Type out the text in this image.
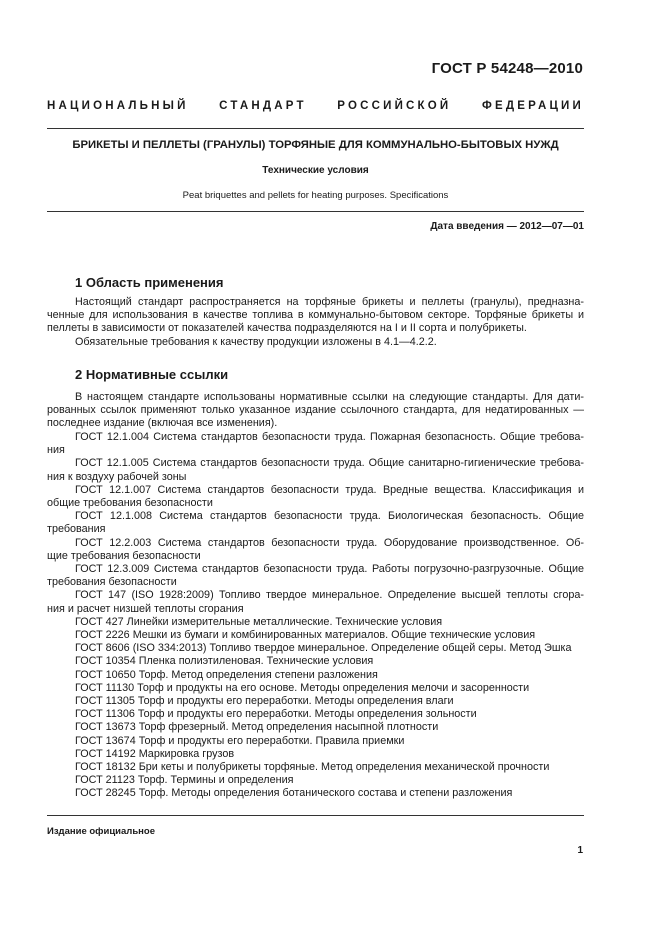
ГОСТ Р 54248—2010
НАЦИОНАЛЬНЫЙ СТАНДАРТ РОССИЙСКОЙ ФЕДЕРАЦИИ
БРИКЕТЫ И ПЕЛЛЕТЫ (ГРАНУЛЫ) ТОРФЯНЫЕ ДЛЯ КОММУНАЛЬНО-БЫТОВЫХ НУЖД
Технические условия
Peat briquettes and pellets for heating purposes. Specifications
Дата введения — 2012—07—01
1 Область применения
Настоящий стандарт распространяется на торфяные брикеты и пеллеты (гранулы), предназна-
ченные для использования в качестве топлива в коммунально-бытовом секторе. Торфяные брикеты и
пеллеты в зависимости от показателей качества подразделяются на I и II сорта и полубрикеты.
Обязательные требования к качеству продукции изложены в 4.1—4.2.2.
2 Нормативные ссылки
В настоящем стандарте использованы нормативные ссылки на следующие стандарты. Для дати-
рованных ссылок применяют только указанное издание ссылочного стандарта, для недатированных —
последнее издание (включая все изменения).
ГОСТ 12.1.004 Система стандартов безопасности труда. Пожарная безопасность. Общие требова-
ния
ГОСТ 12.1.005 Система стандартов безопасности труда. Общие санитарно-гигиенические требова-
ния к воздуху рабочей зоны
ГОСТ 12.1.007 Система стандартов безопасности труда. Вредные вещества. Классификация и
общие требования безопасности
ГОСТ 12.1.008 Система стандартов безопасности труда. Биологическая безопасность. Общие
требования
ГОСТ 12.2.003 Система стандартов безопасности труда. Оборудование производственное. Об-
щие требования безопасности
ГОСТ 12.3.009 Система стандартов безопасности труда. Работы погрузочно-разгрузочные. Общие
требования безопасности
ГОСТ 147 (ISO 1928:2009) Топливо твердое минеральное. Определение высшей теплоты сгора-
ния и расчет низшей теплоты сгорания
ГОСТ 427 Линейки измерительные металлические. Технические условия
ГОСТ 2226 Мешки из бумаги и комбинированных материалов. Общие технические условия
ГОСТ 8606 (ISO 334:2013) Топливо твердое минеральное. Определение общей серы. Метод Эшка
ГОСТ 10354 Пленка полиэтиленовая. Технические условия
ГОСТ 10650 Торф. Метод определения степени разложения
ГОСТ 11130 Торф и продукты на его основе. Методы определения мелочи и засоренности
ГОСТ 11305 Торф и продукты его переработки. Методы определения влаги
ГОСТ 11306 Торф и продукты его переработки. Методы определения зольности
ГОСТ 13673 Торф фрезерный. Метод определения насыпной плотности
ГОСТ 13674 Торф и продукты его переработки. Правила приемки
ГОСТ 14192 Маркировка грузов
ГОСТ 18132 Бри кеты и полубрикеты торфяные. Метод определения механической прочности
ГОСТ 21123 Торф. Термины и определения
ГОСТ 28245 Торф. Методы определения ботанического состава и степени разложения
Издание официальное
1
